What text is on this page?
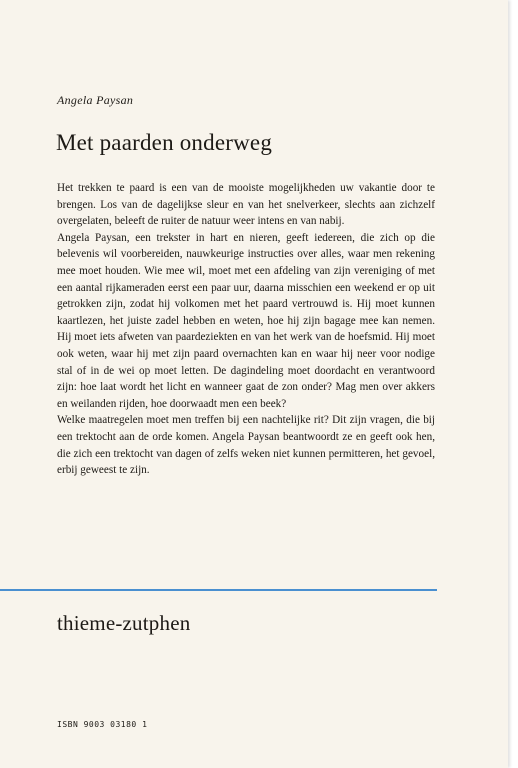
Angela Paysan
Met paarden onderweg

Het trekken te paard is een van de mooiste mogelijkheden uw vakantie door te brengen. Los van de dagelijkse sleur en van het snelverkeer, slechts aan zichzelf overgelaten, beleeft de ruiter de natuur weer intens en van nabij.

Angela Paysan, een trekster in hart en nieren, geeft iedereen, die zich op die belevenis wil voorbereiden, nauwkeurige instructies over alles, waar men rekening mee moet houden. Wie mee wil, moet met een afdeling van zijn vereniging of met een aantal rijkameraden eerst een paar uur, daarna misschien een weekend er op uit getrokken zijn, zodat hij volkomen met het paard vertrouwd is. Hij moet kunnen kaartlezen, het juiste zadel hebben en weten, hoe hij zijn bagage mee kan nemen. Hij moet iets afweten van paardeziekten en van het werk van de hoefsmid. Hij moet ook weten, waar hij met zijn paard overnachten kan en waar hij neer voor nodige stal of in de wei op moet letten. De dagindeling moet doordacht en verantwoord zijn: hoe laat wordt het licht en wanneer gaat de zon onder? Mag men over akkers en weilanden rijden, hoe doorwaadt men een beek?

Welke maatregelen moet men treffen bij een nachtelijke rit? Dit zijn vragen, die bij een trektocht aan de orde komen. Angela Paysan beantwoordt ze en geeft ook hen, die zich een trektocht van dagen of zelfs weken niet kunnen permitteren, het gevoel, erbij geweest te zijn.

thieme-zutphen
ISBN 9003 03180 1
